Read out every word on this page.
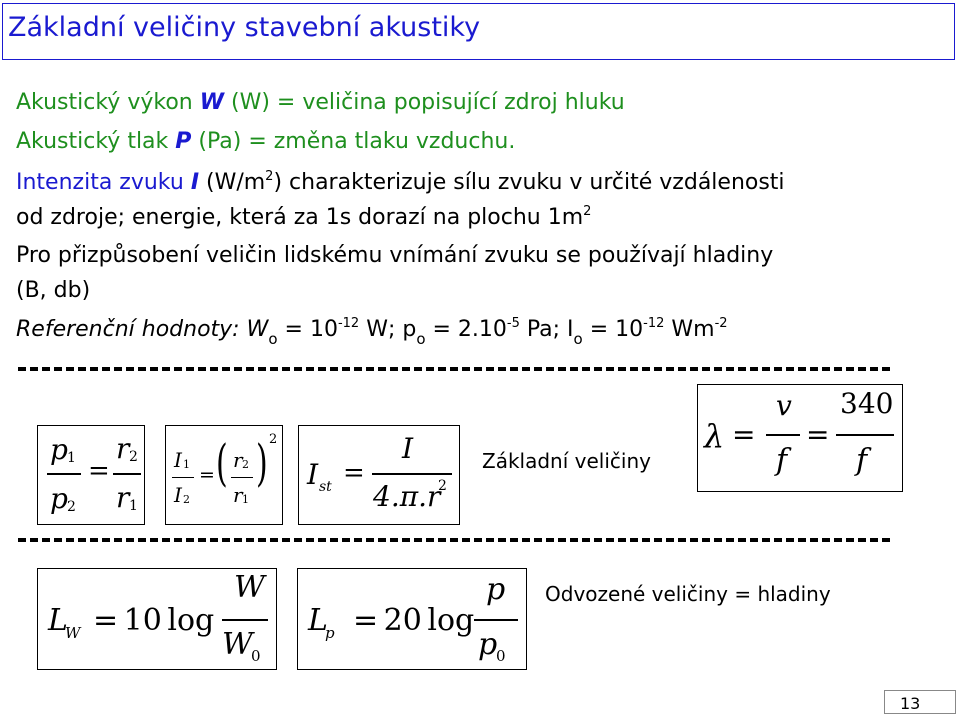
Základní veličiny stavební akustiky
Akustický výkon W (W) = veličina popisující zdroj hluku
Akustický tlak P (Pa) = změna tlaku vzduchu.
Intenzita zvuku I $(W/m^2)$ charakterizuje sílu zvuku v určité vzdálenosti
od zdroje; energie, která za 1s dorazí na plochu $1m^2$
Pro přizpůsobení veličin lidskému vnímání zvuku se používají hladiny
(B, db)
Referenční hodnoty: $Wo = 10^{-12}$ W; po = $2.10^{-5}$ Pa; $Io = 10^{-12}$ $Wm^{-2}$
p 1
p 2
=
r 2
r 1
I 1
I 2
= ( r 2
r 1
) 2
I st =
I
4.π.r
2
Základní veličiny
λ =
v
f
=
340
f
L
W = 10 log
W
W
0
L
p = 20 log
p
p
0
Odvozené veličiny = hladiny
13
